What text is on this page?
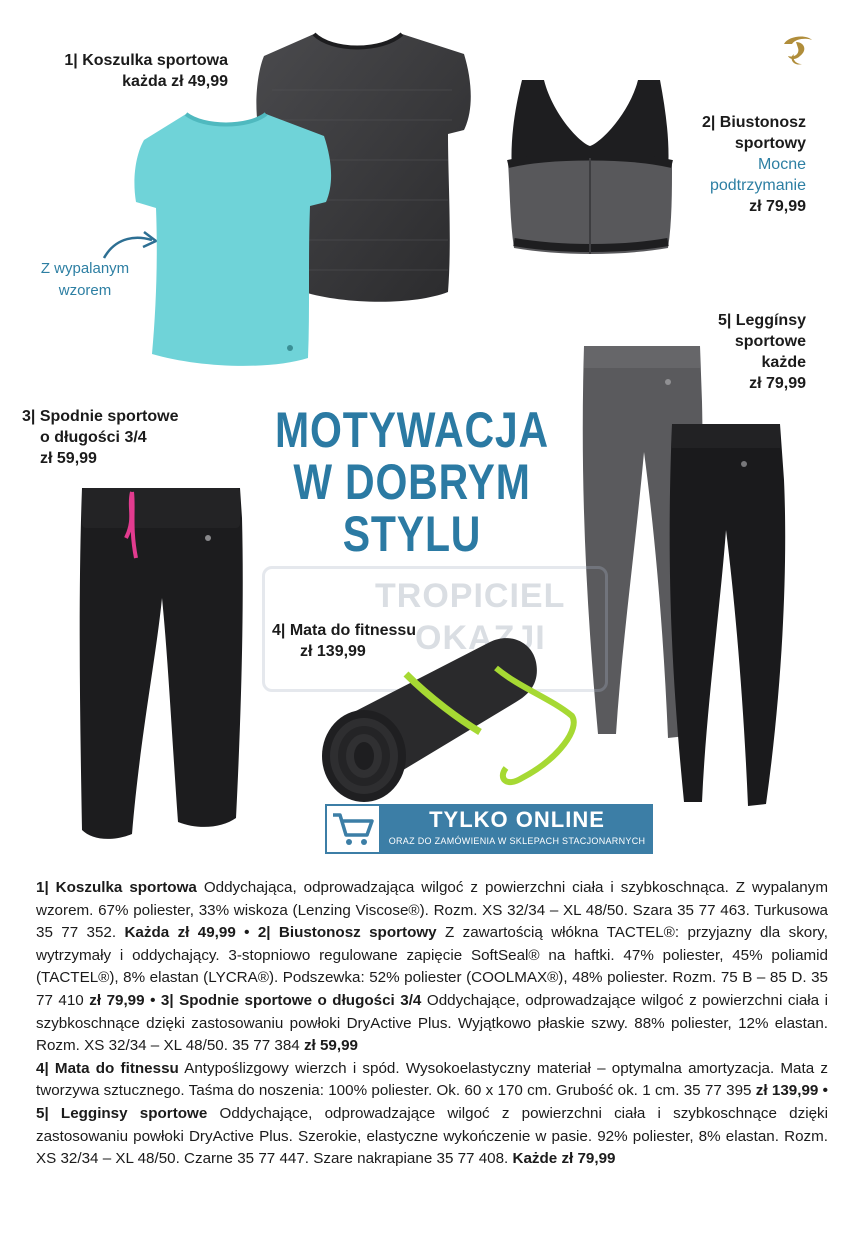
1| Koszulka sportowa
każda zł 49,99
2| Biustonosz
sportowy
Mocne
podtrzymanie
zł 79,99
3| Spodnie sportowe
o długości 3/4
zł 59,99
4| Mata do fitnessu
zł 139,99
5| Leggínsy
sportowe
każde
zł 79,99
Z wypalanym
wzorem
TROPICIEL
OKAZJI
MOTYWACJA
W DOBRYM
STYLU
TYLKO ONLINE
ORAZ DO ZAMÓWIENIA W SKLEPACH STACJONARNYCH
1| Koszulka sportowa Oddychająca, odprowadzająca wilgoć z powierzchni ciała i szybkoschnąca. Z wypalanym wzorem. 67% poliester, 33% wiskoza (Lenzing Viscose®). Rozm. XS 32/34 – XL 48/50. Szara 35 77 463. Turkusowa 35 77 352. Każda zł 49,99 • 2| Biustonosz sportowy Z zawartością włókna TACTEL®: przyjazny dla skory, wytrzymały i oddychający. 3-stopniowo regulowane zapięcie SoftSeal® na haftki. 47% poliester, 45% poliamid (TACTEL®), 8% elastan (LYCRA®). Podszewka: 52% poliester (COOLMAX®), 48% poliester. Rozm. 75 B – 85 D. 35 77 410 zł 79,99 • 3| Spodnie sportowe o długości 3/4 Oddychające, odprowadzające wilgoć z powierzchni ciała i szybkoschnące dzięki zastosowaniu powłoki DryActive Plus. Wyjątkowo płaskie szwy. 88% poliester, 12% elastan. Rozm. XS 32/34 – XL 48/50. 35 77 384 zł 59,99
4| Mata do fitnessu Antypoślizgowy wierzch i spód. Wysokoelastyczny materiał – optymalna amortyzacja. Mata z tworzywa sztucznego. Taśma do noszenia: 100% poliester. Ok. 60 x 170 cm. Grubość ok. 1 cm. 35 77 395 zł 139,99 • 5| Legginsy sportowe Oddychające, odprowadzające wilgoć z powierzchni ciała i szybkoschnące dzięki zastosowaniu powłoki DryActive Plus. Szerokie, elastyczne wykończenie w pasie. 92% poliester, 8% elastan. Rozm. XS 32/34 – XL 48/50. Czarne 35 77 447. Szare nakrapiane 35 77 408. Każde zł 79,99
